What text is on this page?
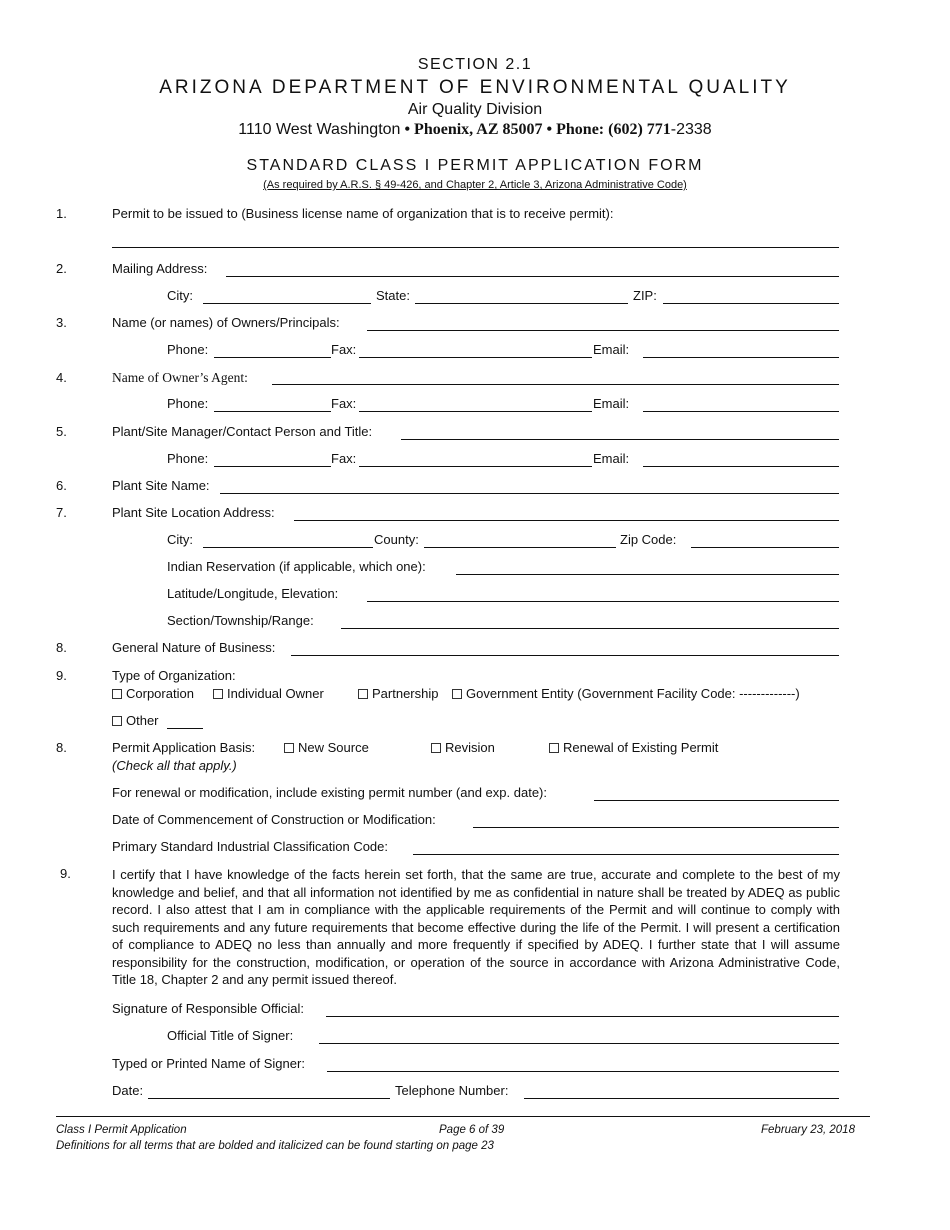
SECTION 2.1
ARIZONA DEPARTMENT OF ENVIRONMENTAL QUALITY
Air Quality Division
1110 West Washington • Phoenix, AZ 85007 • Phone: (602) 771-2338
STANDARD CLASS I PERMIT APPLICATION FORM
(As required by A.R.S. § 49-426, and Chapter 2, Article 3, Arizona Administrative Code)
1.	Permit to be issued to (Business license name of organization that is to receive permit):
2.	Mailing Address:
City:	State:	ZIP:
3.	Name (or names) of Owners/Principals:
Phone:	Fax:	Email:
4.	Name of Owner’s Agent:
Phone:	Fax:	Email:
5.	Plant/Site Manager/Contact Person and Title:
Phone:	Fax:	Email:
6.	Plant Site Name:
7.	Plant Site Location Address:
City:	County:	Zip Code:
Indian Reservation (if applicable, which one):
Latitude/Longitude, Elevation:
Section/Township/Range:
8.	General Nature of Business:
9.	Type of Organization:
Corporation	Individual Owner	Partnership	Government Entity (Government Facility Code: -------------)
Other
8.	Permit Application Basis:	New Source	Revision	Renewal of Existing Permit
(Check all that apply.)
For renewal or modification, include existing permit number (and exp. date):
Date of Commencement of Construction or Modification:
Primary Standard Industrial Classification Code:
9.	I certify that I have knowledge of the facts herein set forth, that the same are true, accurate and complete to the best of my knowledge and belief, and that all information not identified by me as confidential in nature shall be treated by ADEQ as public record. I also attest that I am in compliance with the applicable requirements of the Permit and will continue to comply with such requirements and any future requirements that become effective during the life of the Permit. I will present a certification of compliance to ADEQ no less than annually and more frequently if specified by ADEQ. I further state that I will assume responsibility for the construction, modification, or operation of the source in accordance with Arizona Administrative Code, Title 18, Chapter 2 and any permit issued thereof.
Signature of Responsible Official:
Official Title of Signer:
Typed or Printed Name of Signer:
Date:	Telephone Number:
Class I Permit Application	Page 6 of 39	February 23, 2018
Definitions for all terms that are bolded and italicized can be found starting on page 23
